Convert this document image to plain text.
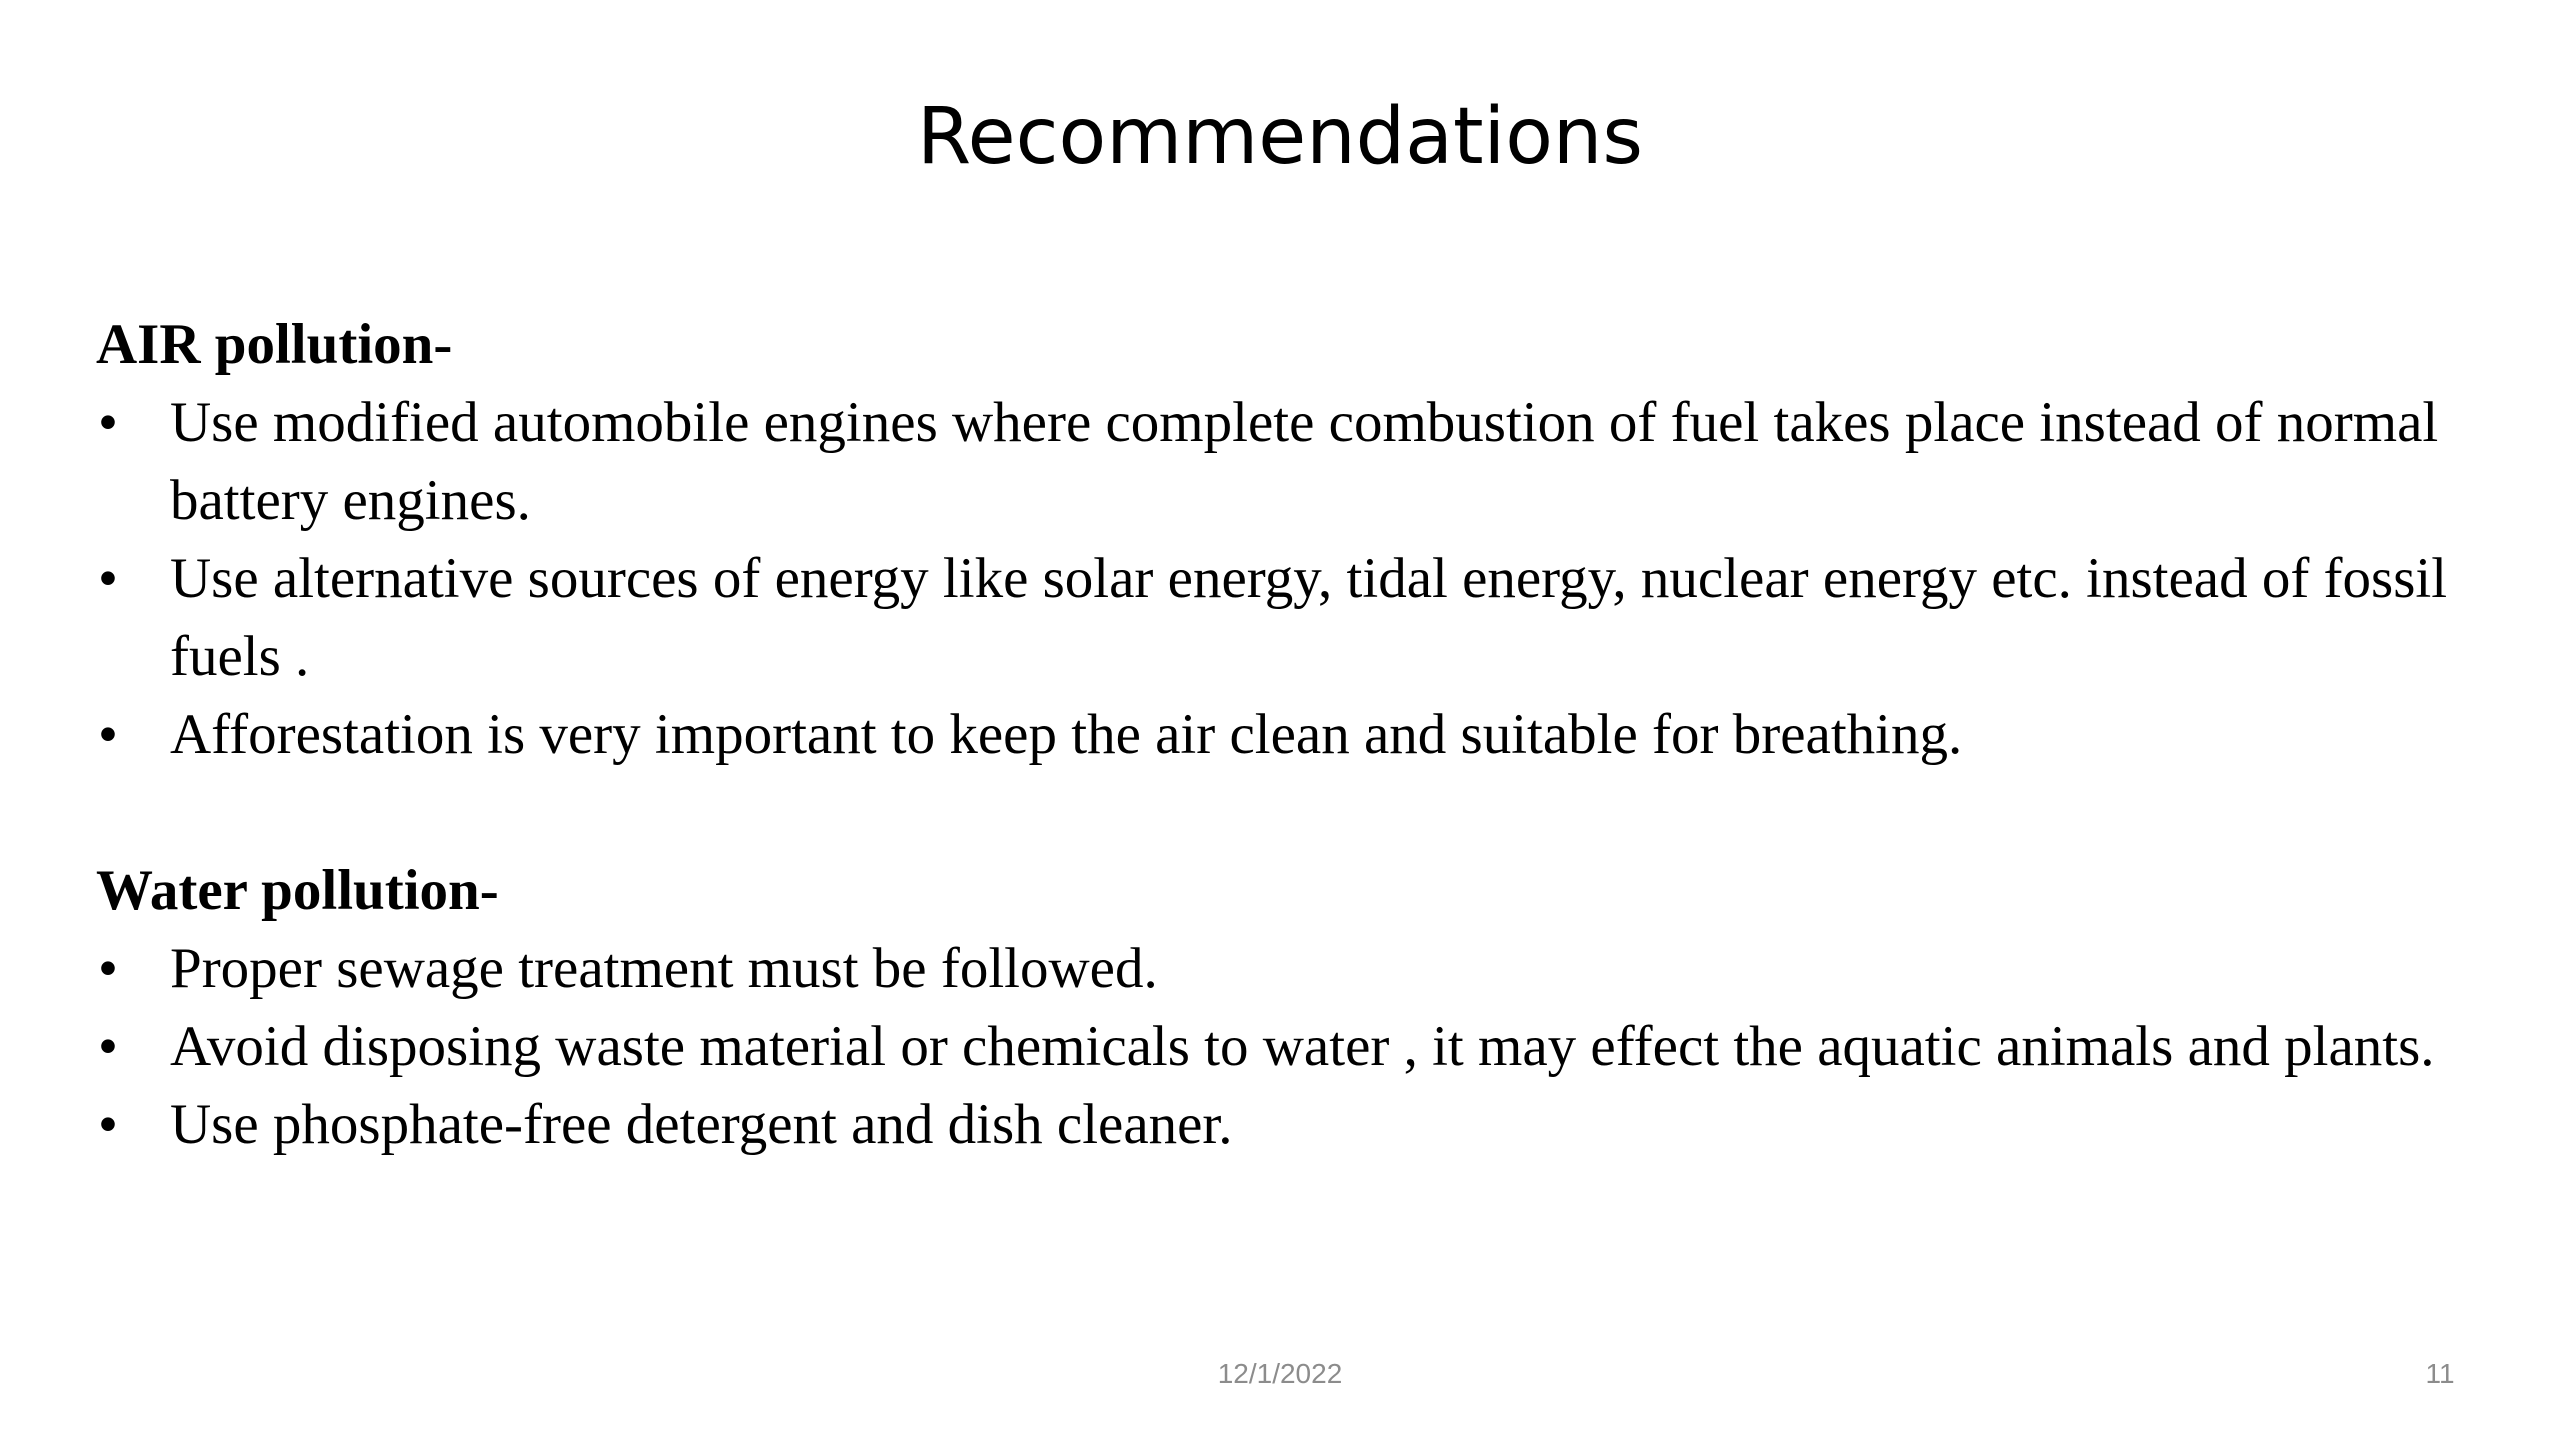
Recommendations

AIR pollution-

• Use modified automobile engines where complete combustion of fuel takes place instead of normal battery engines.
• Use alternative sources of energy like solar energy, tidal energy, nuclear energy etc. instead of fossil fuels .
• Afforestation is very important to keep the air clean and suitable for breathing.

Water pollution-

• Proper sewage treatment must be followed.
• Avoid disposing waste material or chemicals to water , it may effect the aquatic animals and plants.
• Use phosphate-free detergent and dish cleaner.
12/1/2022	11
